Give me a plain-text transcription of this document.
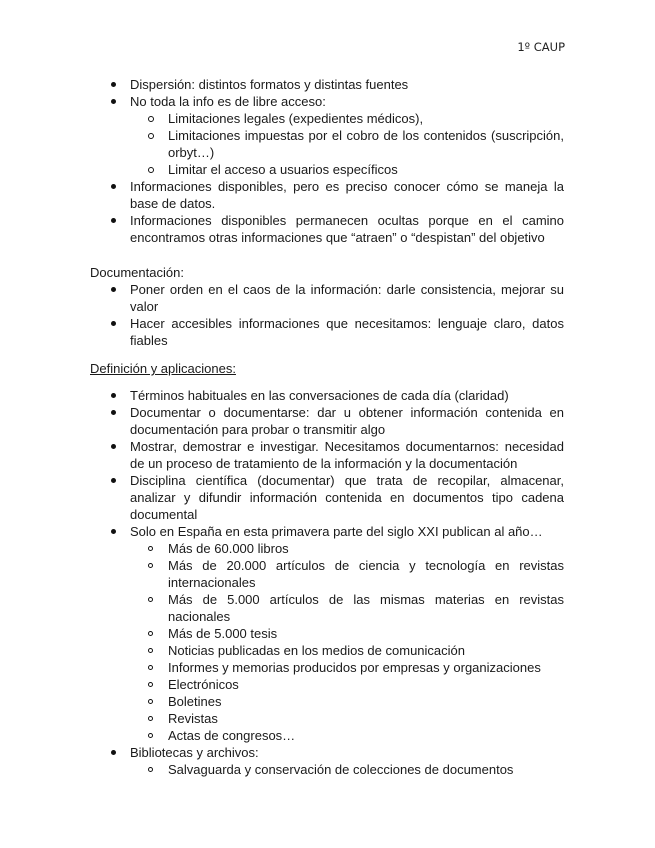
1º CAUP
Dispersión: distintos formatos y distintas fuentes
No toda la info es de libre acceso:
Limitaciones legales (expedientes médicos),
Limitaciones impuestas por el cobro de los contenidos (suscripción, orbyt…)
Limitar el acceso a usuarios específicos
Informaciones disponibles, pero es preciso conocer cómo se maneja la base de datos.
Informaciones disponibles permanecen ocultas porque en el camino encontramos otras informaciones que “atraen” o “despistan” del objetivo
Documentación:
Poner orden en el caos de la información: darle consistencia, mejorar su valor
Hacer accesibles informaciones que necesitamos: lenguaje claro, datos fiables
Definición y aplicaciones:
Términos habituales en las conversaciones de cada día (claridad)
Documentar o documentarse: dar u obtener información contenida en documentación para probar o transmitir algo
Mostrar, demostrar e investigar. Necesitamos documentarnos: necesidad de un proceso de tratamiento de la información y la documentación
Disciplina científica (documentar) que trata de recopilar, almacenar, analizar y difundir información contenida en documentos tipo cadena documental
Solo en España en esta primavera parte del siglo XXI publican al año…
Más de 60.000 libros
Más de 20.000 artículos de ciencia y tecnología en revistas internacionales
Más de 5.000 artículos de las mismas materias en revistas nacionales
Más de 5.000 tesis
Noticias publicadas en los medios de comunicación
Informes y memorias producidos por empresas y organizaciones
Electrónicos
Boletines
Revistas
Actas de congresos…
Bibliotecas y archivos:
Salvaguarda y conservación de colecciones de documentos
